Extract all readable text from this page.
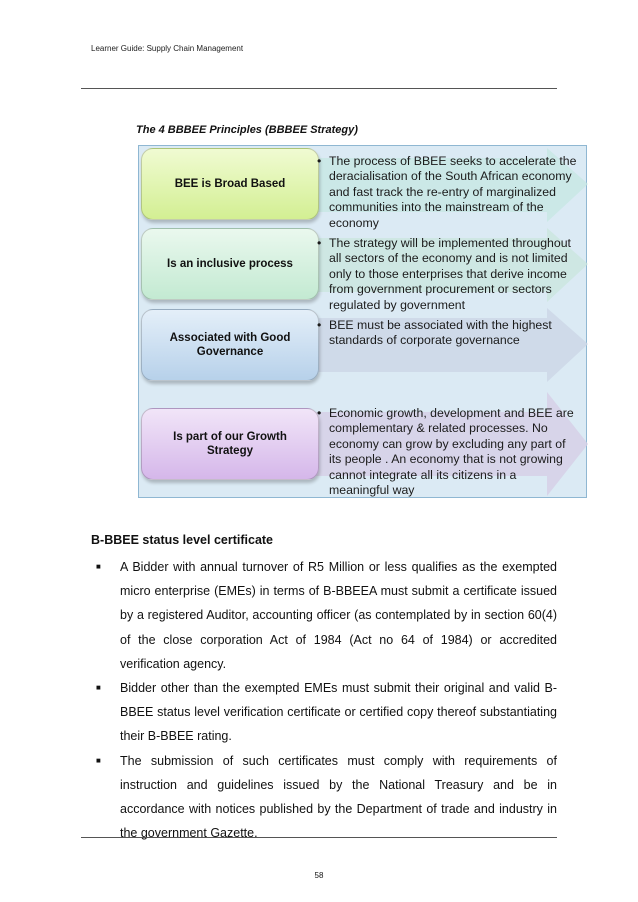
Learner Guide: Supply Chain Management
The 4 BBBEE Principles (BBBEE Strategy)
BEE is Broad Based
Is an inclusive process
Associated with Good Governance
Is part of our Growth Strategy
• The process of BBEE seeks to accelerate the deracialisation of the South African economy and fast track the re-entry of marginalized communities into the mainstream of the economy
• The strategy will be implemented throughout all sectors of the economy and is not limited only to those enterprises that derive income from government procurement or sectors regulated by government
• BEE must be associated with the highest standards of corporate governance
• Economic growth, development and BEE are complementary & related processes. No economy can grow by excluding any part of its people . An economy that is not growing cannot integrate all its citizens in a meaningful way
B-BBEE status level certificate
■ A Bidder with annual turnover of R5 Million or less qualifies as the exempted micro enterprise (EMEs) in terms of B-BBEEA must submit a certificate issued by a registered Auditor, accounting officer (as contemplated by in section 60(4) of the close corporation Act of 1984 (Act no 64 of 1984) or accredited verification agency.
■ Bidder other than the exempted EMEs must submit their original and valid B-BBEE status level verification certificate or certified copy thereof substantiating their B-BBEE rating.
■ The submission of such certificates must comply with requirements of instruction and guidelines issued by the National Treasury and be in accordance with notices published by the Department of trade and industry in the government Gazette.
58
